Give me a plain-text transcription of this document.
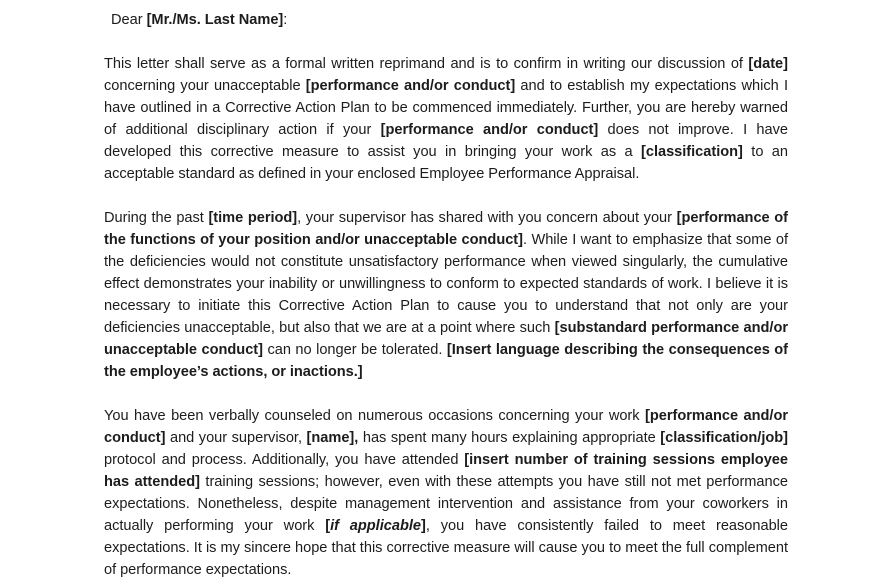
Dear [Mr./Ms. Last Name]:

This letter shall serve as a formal written reprimand and is to confirm in writing our discussion of [date] concerning your unacceptable [performance and/or conduct] and to establish my expectations which I have outlined in a Corrective Action Plan to be commenced immediately. Further, you are hereby warned of additional disciplinary action if your [performance and/or conduct] does not improve. I have developed this corrective measure to assist you in bringing your work as a [classification] to an acceptable standard as defined in your enclosed Employee Performance Appraisal.

During the past [time period], your supervisor has shared with you concern about your [performance of the functions of your position and/or unacceptable conduct]. While I want to emphasize that some of the deficiencies would not constitute unsatisfactory performance when viewed singularly, the cumulative effect demonstrates your inability or unwillingness to conform to expected standards of work. I believe it is necessary to initiate this Corrective Action Plan to cause you to understand that not only are your deficiencies unacceptable, but also that we are at a point where such [substandard performance and/or unacceptable conduct] can no longer be tolerated. [Insert language describing the consequences of the employee’s actions, or inactions.]

You have been verbally counseled on numerous occasions concerning your work [performance and/or conduct] and your supervisor, [name], has spent many hours explaining appropriate [classification/job] protocol and process. Additionally, you have attended [insert number of training sessions employee has attended] training sessions; however, even with these attempts you have still not met performance expectations. Nonetheless, despite management intervention and assistance from your coworkers in actually performing your work [if applicable], you have consistently failed to meet reasonable expectations. It is my sincere hope that this corrective measure will cause you to meet the full complement of performance expectations.
